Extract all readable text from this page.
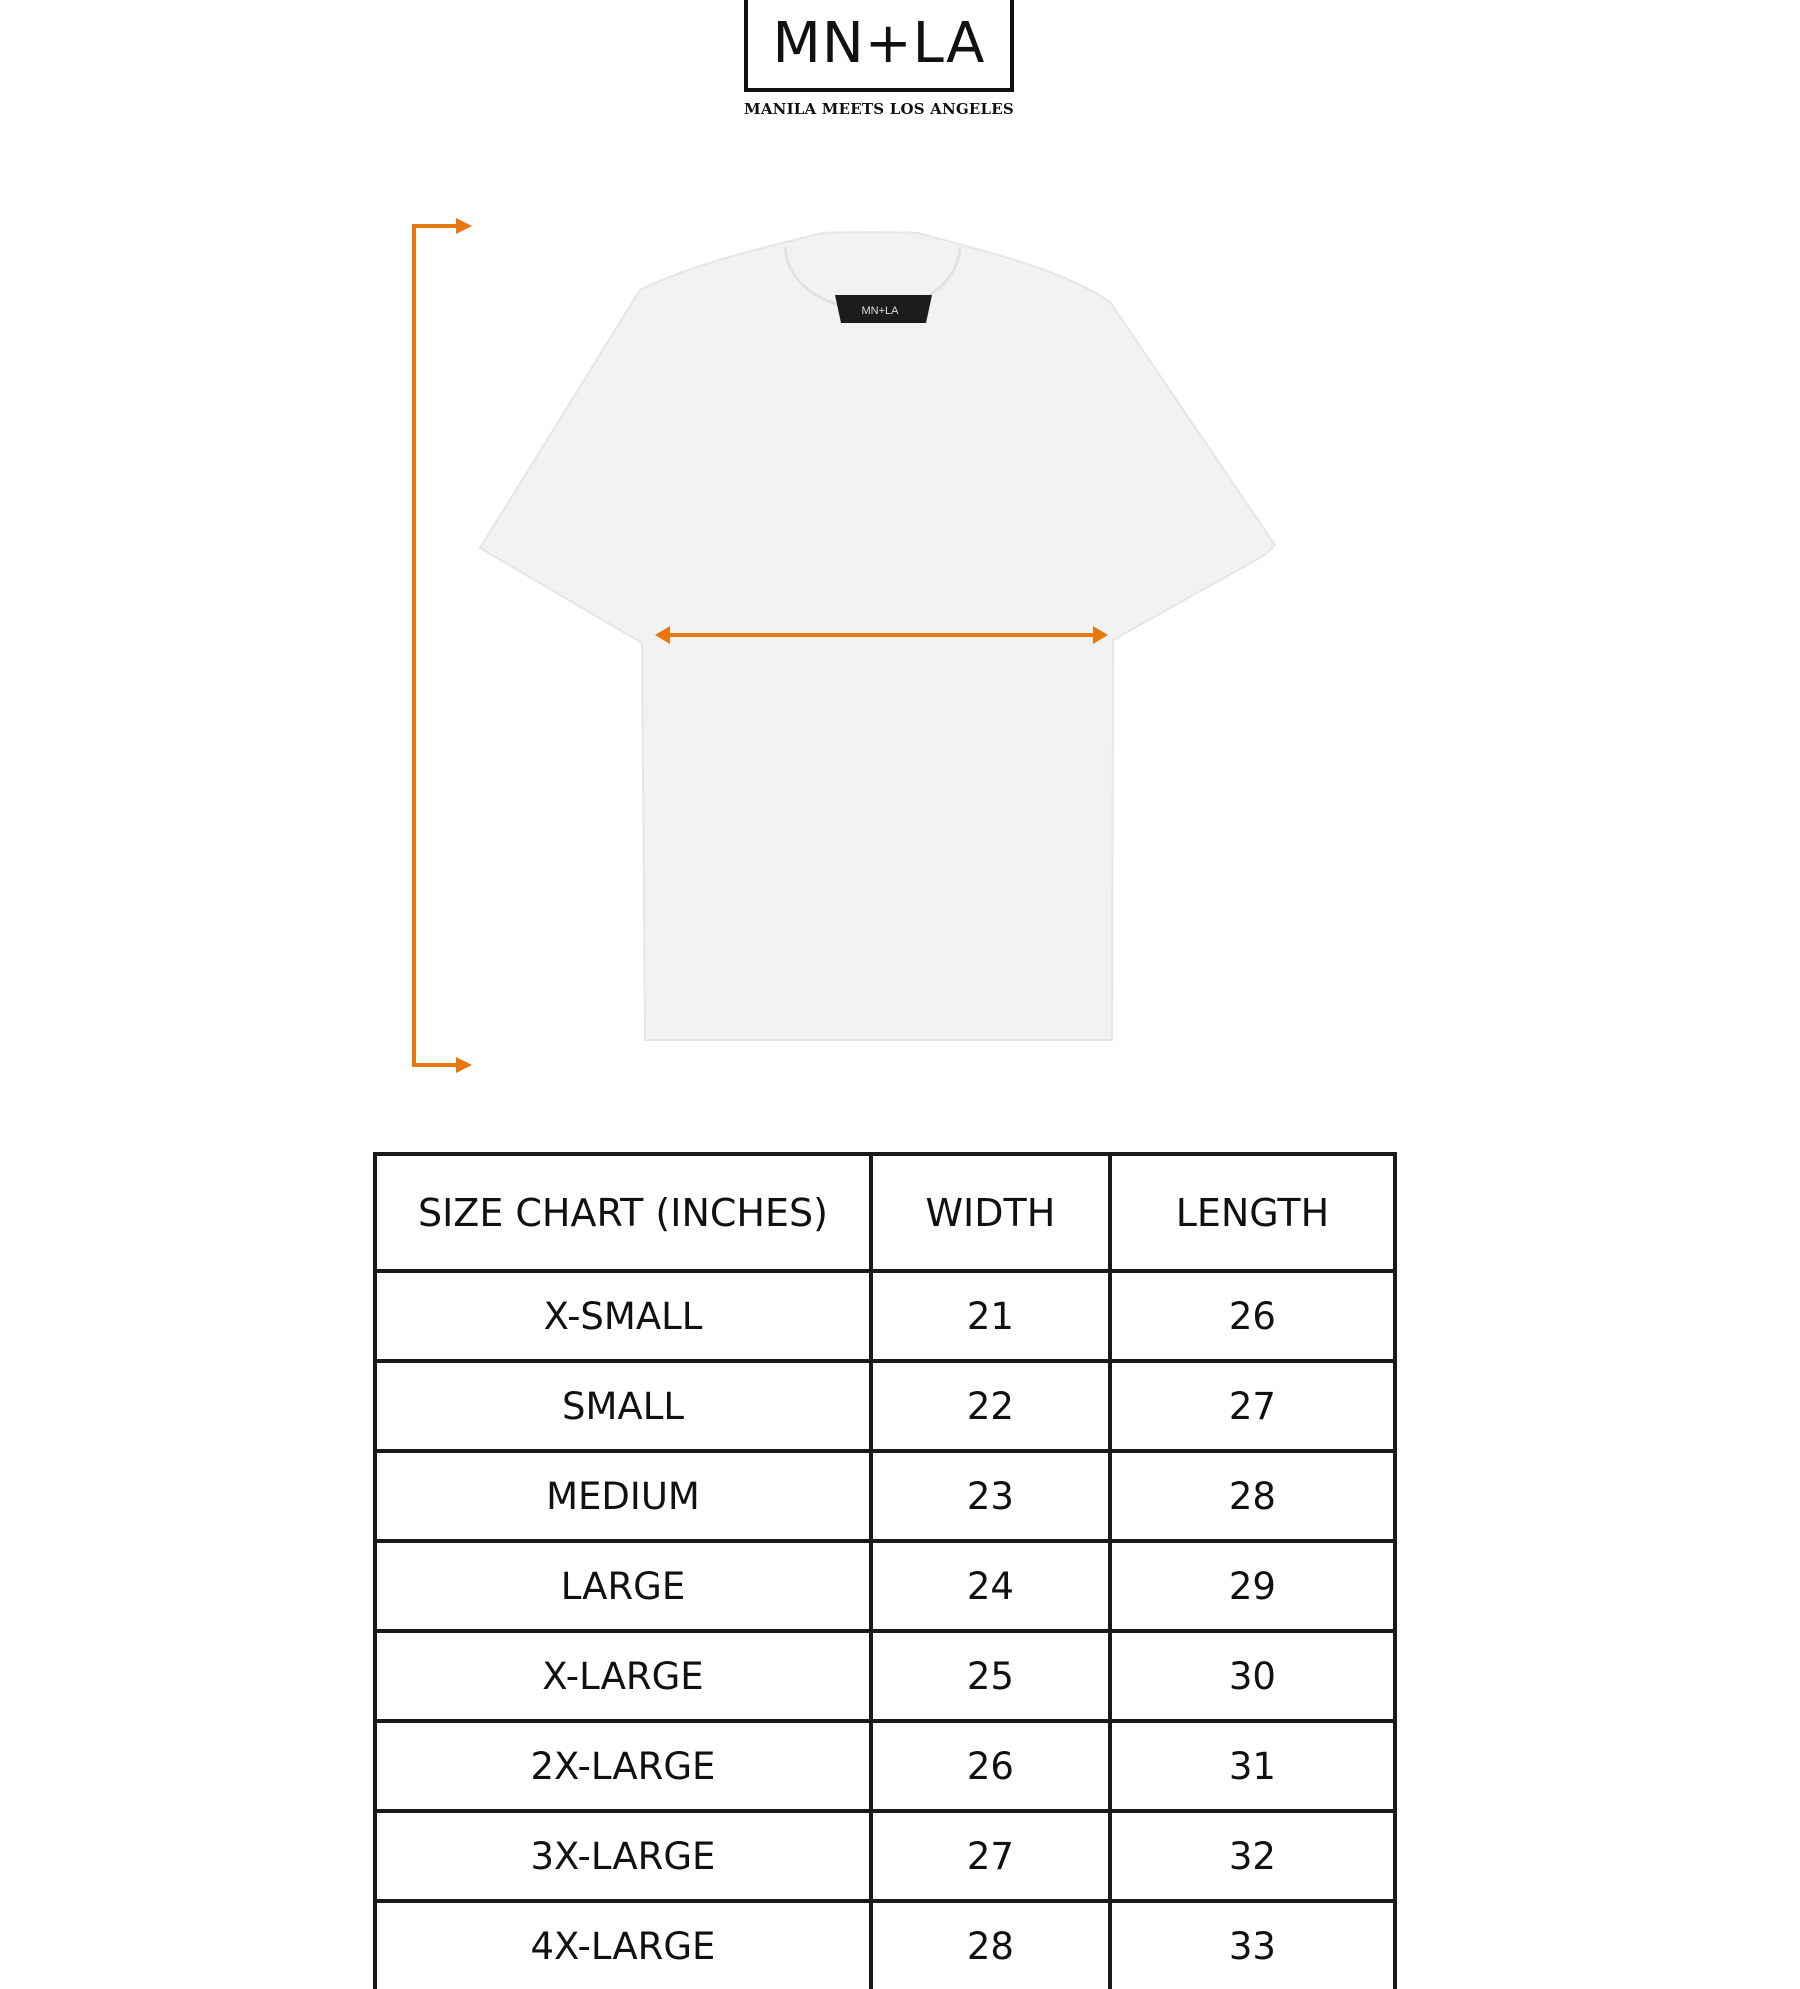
MN+LA
MANILA MEETS LOS ANGELES
MN+LA
SIZE CHART (INCHES)	WIDTH	LENGTH
X-SMALL	21	26
SMALL	22	27
MEDIUM	23	28
LARGE	24	29
X-LARGE	25	30
2X-LARGE	26	31
3X-LARGE	27	32
4X-LARGE	28	33
